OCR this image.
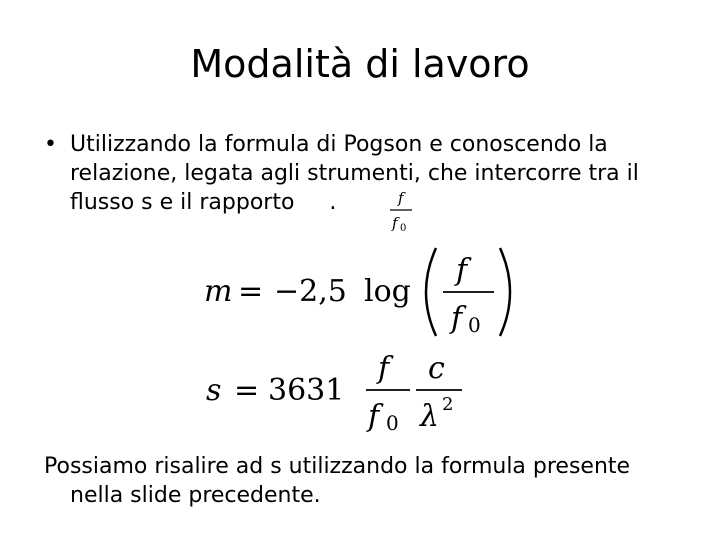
Modalità di lavoro
• Utilizzando la formula di Pogson e conoscendo la
relazione, legata agli strumenti, che intercorre tra il
flusso s e il rapporto     .	f
f 0
m = −2,5 log
f
f 0
s = 3631
f
f 0
c
λ 2
Possiamo risalire ad s utilizzando la formula presente
nella slide precedente.
